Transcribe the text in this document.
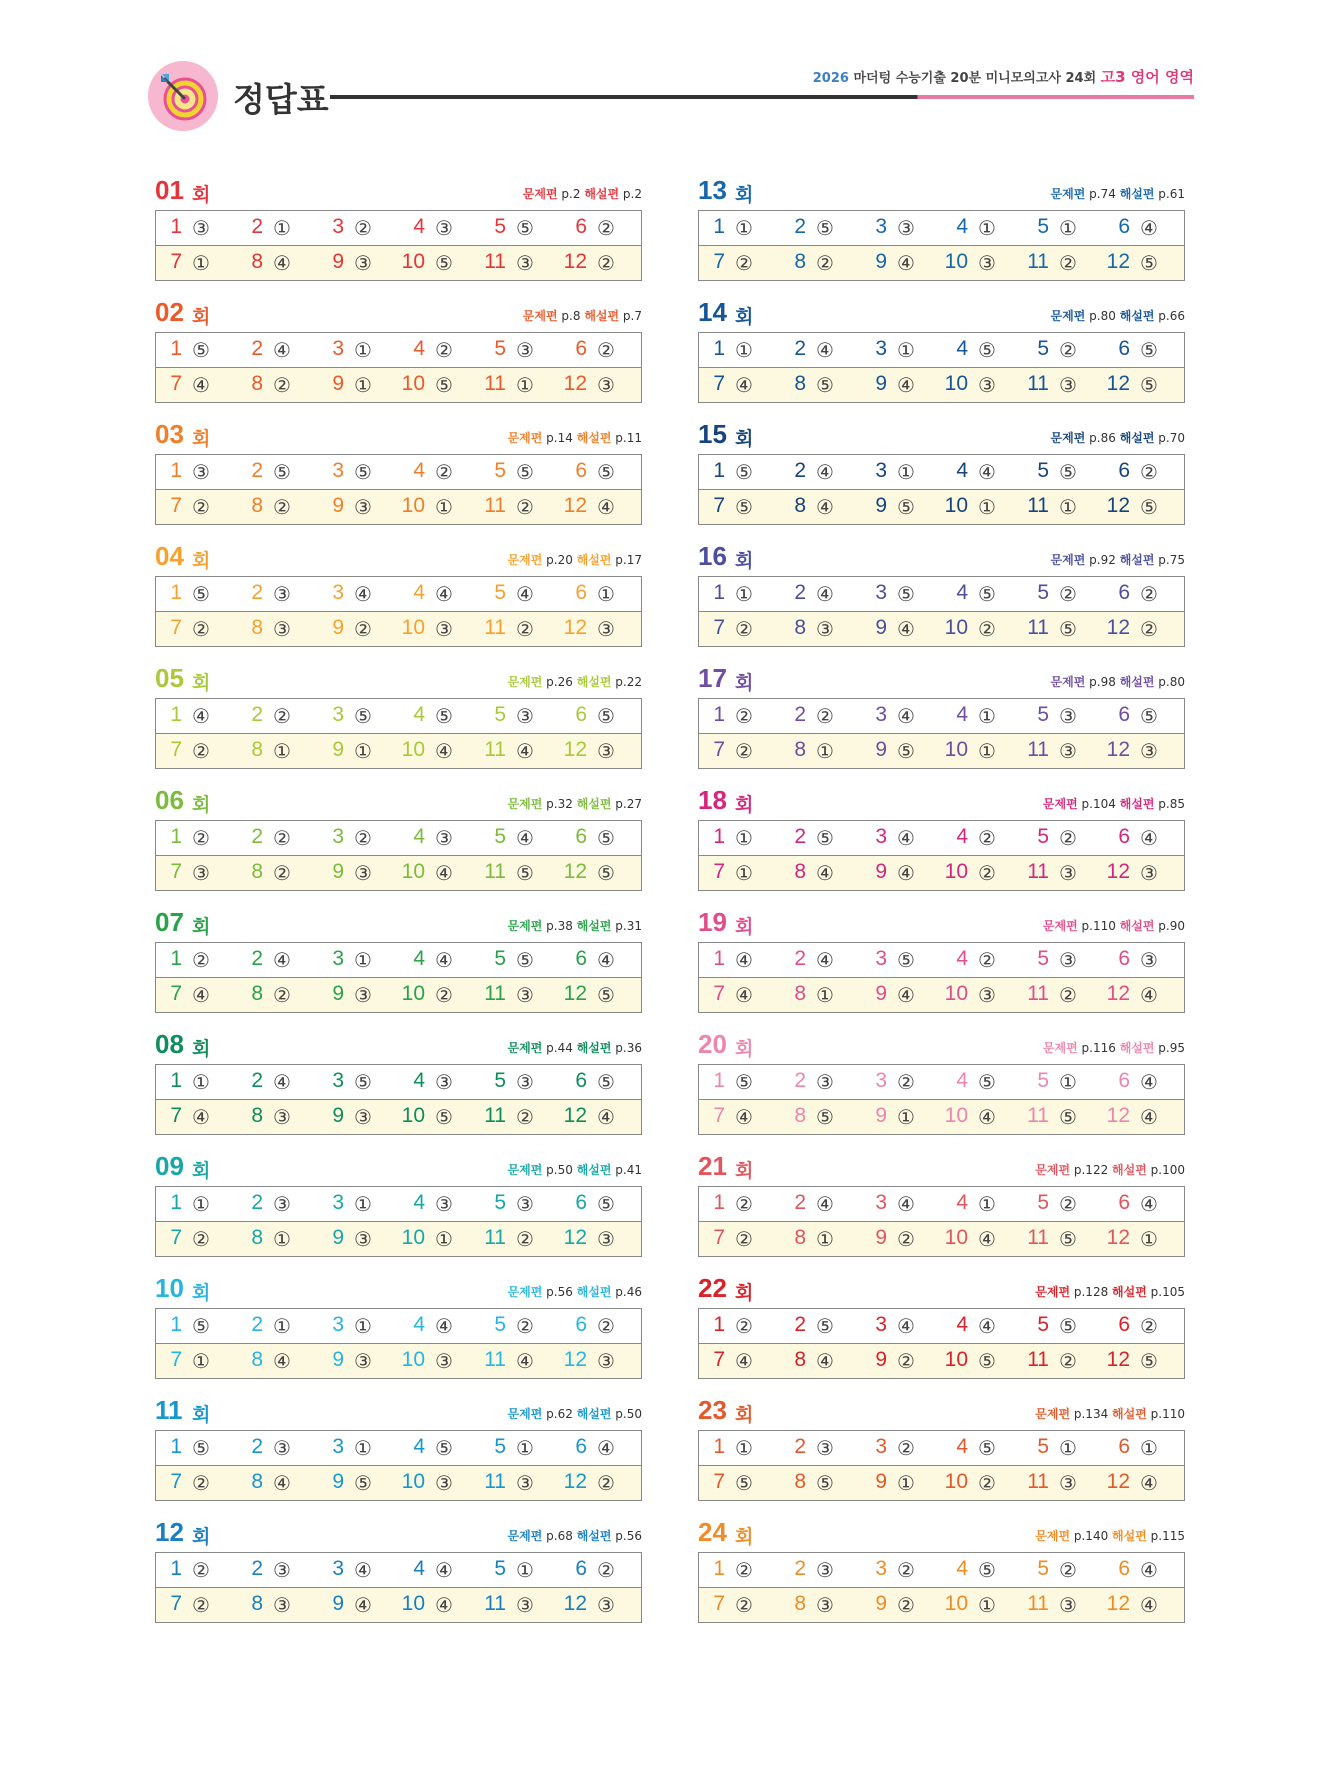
정답표
2026 마더텅 수능기출 20분 미니모의고사 24회 고3 영어 영역
01 회	문제편 p.2 해설편 p.2
1 ③ 2 ① 3 ② 4 ③ 5 ⑤ 6 ②
7 ① 8 ④ 9 ③ 10 ⑤ 11 ③ 12 ②
02 회	문제편 p.8 해설편 p.7
1 ⑤ 2 ④ 3 ① 4 ② 5 ③ 6 ②
7 ④ 8 ② 9 ① 10 ⑤ 11 ① 12 ③
03 회	문제편 p.14 해설편 p.11
1 ③ 2 ⑤ 3 ⑤ 4 ② 5 ⑤ 6 ⑤
7 ② 8 ② 9 ③ 10 ① 11 ② 12 ④
04 회	문제편 p.20 해설편 p.17
1 ⑤ 2 ③ 3 ④ 4 ④ 5 ④ 6 ①
7 ② 8 ③ 9 ② 10 ③ 11 ② 12 ③
05 회	문제편 p.26 해설편 p.22
1 ④ 2 ② 3 ⑤ 4 ⑤ 5 ③ 6 ⑤
7 ② 8 ① 9 ① 10 ④ 11 ④ 12 ③
06 회	문제편 p.32 해설편 p.27
1 ② 2 ② 3 ② 4 ③ 5 ④ 6 ⑤
7 ③ 8 ② 9 ③ 10 ④ 11 ⑤ 12 ⑤
07 회	문제편 p.38 해설편 p.31
1 ② 2 ④ 3 ① 4 ④ 5 ⑤ 6 ④
7 ④ 8 ② 9 ③ 10 ② 11 ③ 12 ⑤
08 회	문제편 p.44 해설편 p.36
1 ① 2 ④ 3 ⑤ 4 ③ 5 ③ 6 ⑤
7 ④ 8 ③ 9 ③ 10 ⑤ 11 ② 12 ④
09 회	문제편 p.50 해설편 p.41
1 ① 2 ③ 3 ① 4 ③ 5 ③ 6 ⑤
7 ② 8 ① 9 ③ 10 ① 11 ② 12 ③
10 회	문제편 p.56 해설편 p.46
1 ⑤ 2 ① 3 ① 4 ④ 5 ② 6 ②
7 ① 8 ④ 9 ③ 10 ③ 11 ④ 12 ③
11 회	문제편 p.62 해설편 p.50
1 ⑤ 2 ③ 3 ① 4 ⑤ 5 ① 6 ④
7 ② 8 ④ 9 ⑤ 10 ③ 11 ③ 12 ②
12 회	문제편 p.68 해설편 p.56
1 ② 2 ③ 3 ④ 4 ④ 5 ① 6 ②
7 ② 8 ③ 9 ④ 10 ④ 11 ③ 12 ③
13 회	문제편 p.74 해설편 p.61
1 ① 2 ⑤ 3 ③ 4 ① 5 ① 6 ④
7 ② 8 ② 9 ④ 10 ③ 11 ② 12 ⑤
14 회	문제편 p.80 해설편 p.66
1 ① 2 ④ 3 ① 4 ⑤ 5 ② 6 ⑤
7 ④ 8 ⑤ 9 ④ 10 ③ 11 ③ 12 ⑤
15 회	문제편 p.86 해설편 p.70
1 ⑤ 2 ④ 3 ① 4 ④ 5 ⑤ 6 ②
7 ⑤ 8 ④ 9 ⑤ 10 ① 11 ① 12 ⑤
16 회	문제편 p.92 해설편 p.75
1 ① 2 ④ 3 ⑤ 4 ⑤ 5 ② 6 ②
7 ② 8 ③ 9 ④ 10 ② 11 ⑤ 12 ②
17 회	문제편 p.98 해설편 p.80
1 ② 2 ② 3 ④ 4 ① 5 ③ 6 ⑤
7 ② 8 ① 9 ⑤ 10 ① 11 ③ 12 ③
18 회	문제편 p.104 해설편 p.85
1 ① 2 ⑤ 3 ④ 4 ② 5 ② 6 ④
7 ① 8 ④ 9 ④ 10 ② 11 ③ 12 ③
19 회	문제편 p.110 해설편 p.90
1 ④ 2 ④ 3 ⑤ 4 ② 5 ③ 6 ③
7 ④ 8 ① 9 ④ 10 ③ 11 ② 12 ④
20 회	문제편 p.116 해설편 p.95
1 ⑤ 2 ③ 3 ② 4 ⑤ 5 ① 6 ④
7 ④ 8 ⑤ 9 ① 10 ④ 11 ⑤ 12 ④
21 회	문제편 p.122 해설편 p.100
1 ② 2 ④ 3 ④ 4 ① 5 ② 6 ④
7 ② 8 ① 9 ② 10 ④ 11 ⑤ 12 ①
22 회	문제편 p.128 해설편 p.105
1 ② 2 ⑤ 3 ④ 4 ④ 5 ⑤ 6 ②
7 ④ 8 ④ 9 ② 10 ⑤ 11 ② 12 ⑤
23 회	문제편 p.134 해설편 p.110
1 ① 2 ③ 3 ② 4 ⑤ 5 ① 6 ①
7 ⑤ 8 ⑤ 9 ① 10 ② 11 ③ 12 ④
24 회	문제편 p.140 해설편 p.115
1 ② 2 ③ 3 ② 4 ⑤ 5 ② 6 ④
7 ② 8 ③ 9 ② 10 ① 11 ③ 12 ④
